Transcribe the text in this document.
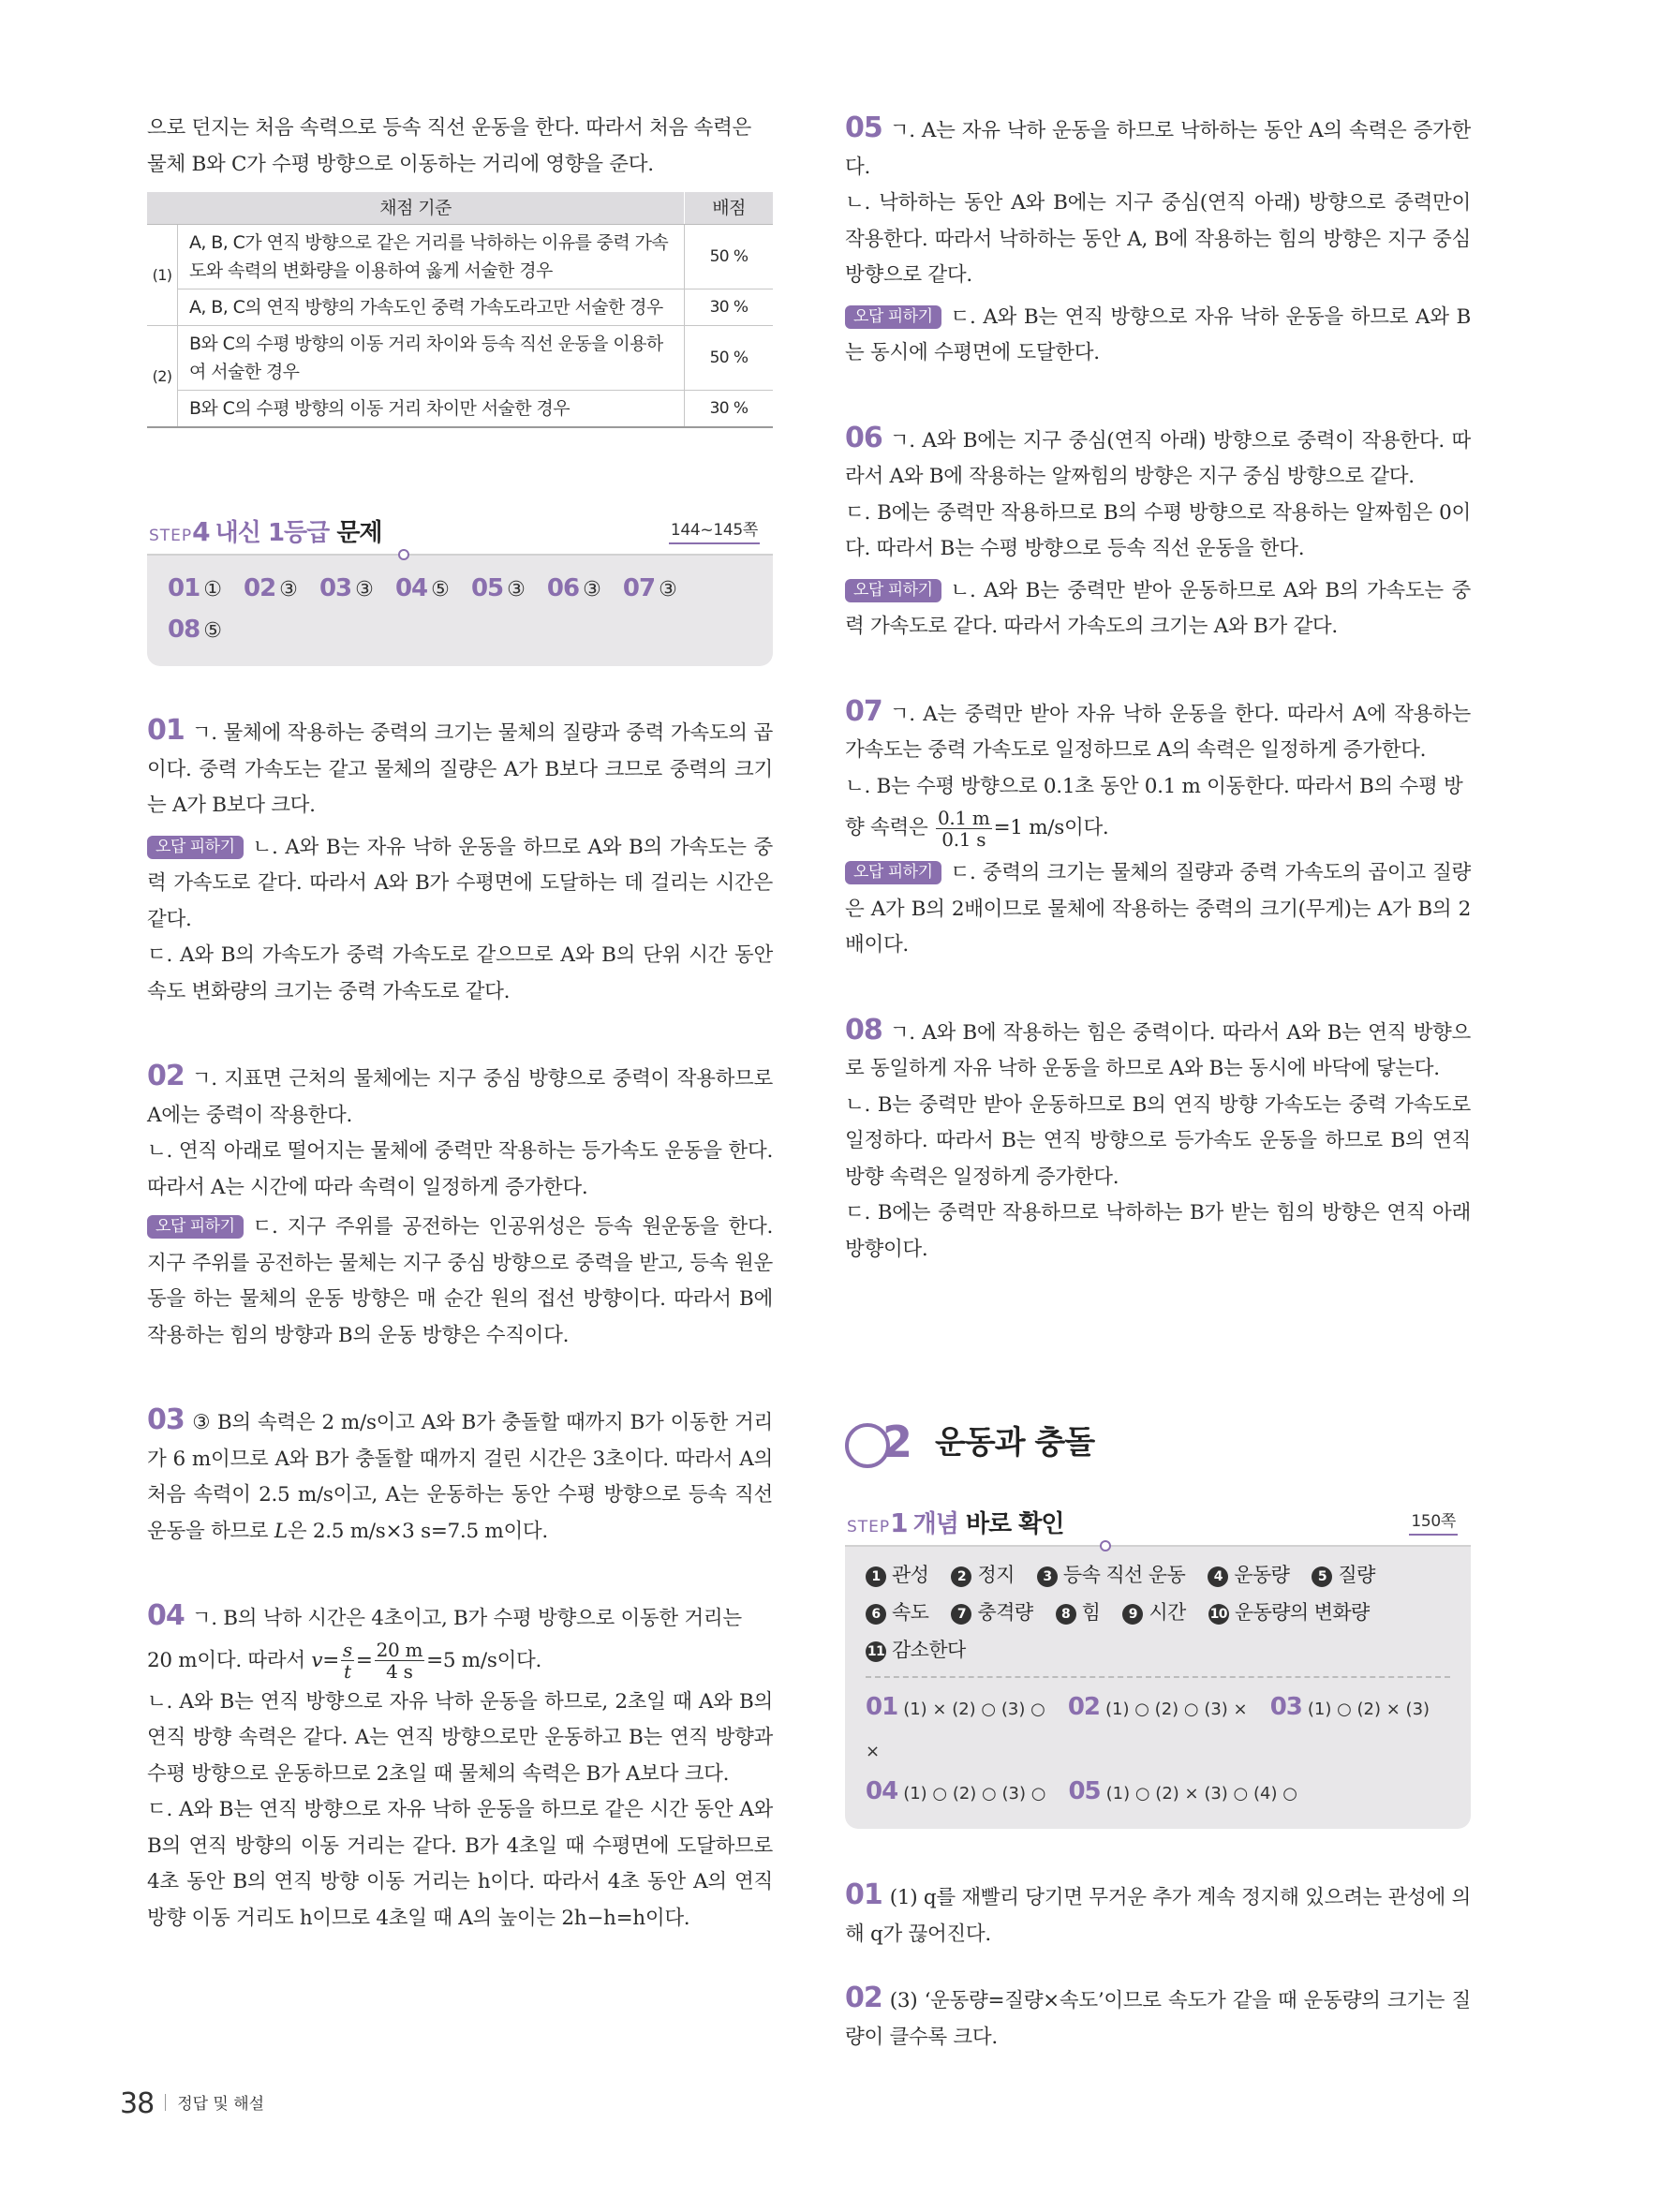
으로 던지는 처음 속력으로 등속 직선 운동을 한다. 따라서 처음 속력은

물체 B와 C가 수평 방향으로 이동하는 거리에 영향을 준다.

채점 기준		배점
(1)	A, B, C가 연직 방향으로 같은 거리를 낙하하는 이유를 중력 가속도와 속력의 변화량을 이용하여 옳게 서술한 경우	50 %
	A, B, C의 연직 방향의 가속도인 중력 가속도라고만 서술한 경우	30 %
(2)	B와 C의 수평 방향의 이동 거리 차이와 등속 직선 운동을 이용하여 서술한 경우	50 %
	B와 C의 수평 방향의 이동 거리 차이만 서술한 경우	30 %
STEP4 내신 1등급 문제	144~145쪽
01 ① 02 ③ 03 ③ 04 ⑤ 05 ③ 06 ③ 07 ③
08 ⑤

01 ㄱ. 물체에 작용하는 중력의 크기는 물체의 질량과 중력 가속도의 곱이다. 중력 가속도는 같고 물체의 질량은 A가 B보다 크므로 중력의 크기는 A가 B보다 크다.

오답 피하기 ㄴ. A와 B는 자유 낙하 운동을 하므로 A와 B의 가속도는 중력 가속도로 같다. 따라서 A와 B가 수평면에 도달하는 데 걸리는 시간은 같다.

ㄷ. A와 B의 가속도가 중력 가속도로 같으므로 A와 B의 단위 시간 동안 속도 변화량의 크기는 중력 가속도로 같다.

02 ㄱ. 지표면 근처의 물체에는 지구 중심 방향으로 중력이 작용하므로 A에는 중력이 작용한다.

ㄴ. 연직 아래로 떨어지는 물체에 중력만 작용하는 등가속도 운동을 한다. 따라서 A는 시간에 따라 속력이 일정하게 증가한다.

오답 피하기 ㄷ. 지구 주위를 공전하는 인공위성은 등속 원운동을 한다. 지구 주위를 공전하는 물체는 지구 중심 방향으로 중력을 받고, 등속 원운동을 하는 물체의 운동 방향은 매 순간 원의 접선 방향이다. 따라서 B에 작용하는 힘의 방향과 B의 운동 방향은 수직이다.

03 ③ B의 속력은 2 m/s이고 A와 B가 충돌할 때까지 B가 이동한 거리가 6 m이므로 A와 B가 충돌할 때까지 걸린 시간은 3초이다. 따라서 A의 처음 속력이 2.5 m/s이고, A는 운동하는 동안 수평 방향으로 등속 직선 운동을 하므로 L은 2.5 m/s×3 s=7.5 m이다.

04 ㄱ. B의 낙하 시간은 4초이고, B가 수평 방향으로 이동한 거리는

20 m이다. 따라서 $v= \frac{s}{t} = \frac{20 m}{4 s} =5$ m/s이다.

ㄴ. A와 B는 연직 방향으로 자유 낙하 운동을 하므로, 2초일 때 A와 B의 연직 방향 속력은 같다. A는 연직 방향으로만 운동하고 B는 연직 방향과 수평 방향으로 운동하므로 2초일 때 물체의 속력은 B가 A보다 크다.

ㄷ. A와 B는 연직 방향으로 자유 낙하 운동을 하므로 같은 시간 동안 A와 B의 연직 방향의 이동 거리는 같다. B가 4초일 때 수평면에 도달하므로 4초 동안 B의 연직 방향 이동 거리는 h이다. 따라서 4초 동안 A의 연직 방향 이동 거리도 h이므로 4초일 때 A의 높이는 2h−h=h이다.

05 ㄱ. A는 자유 낙하 운동을 하므로 낙하하는 동안 A의 속력은 증가한다.

ㄴ. 낙하하는 동안 A와 B에는 지구 중심(연직 아래) 방향으로 중력만이 작용한다. 따라서 낙하하는 동안 A, B에 작용하는 힘의 방향은 지구 중심 방향으로 같다.

오답 피하기 ㄷ. A와 B는 연직 방향으로 자유 낙하 운동을 하므로 A와 B는 동시에 수평면에 도달한다.

06 ㄱ. A와 B에는 지구 중심(연직 아래) 방향으로 중력이 작용한다. 따라서 A와 B에 작용하는 알짜힘의 방향은 지구 중심 방향으로 같다.

ㄷ. B에는 중력만 작용하므로 B의 수평 방향으로 작용하는 알짜힘은 0이다. 따라서 B는 수평 방향으로 등속 직선 운동을 한다.

오답 피하기 ㄴ. A와 B는 중력만 받아 운동하므로 A와 B의 가속도는 중력 가속도로 같다. 따라서 가속도의 크기는 A와 B가 같다.

07 ㄱ. A는 중력만 받아 자유 낙하 운동을 한다. 따라서 A에 작용하는 가속도는 중력 가속도로 일정하므로 A의 속력은 일정하게 증가한다.

ㄴ. B는 수평 방향으로 0.1초 동안 0.1 m 이동한다. 따라서 B의 수평 방

향 속력은 $\frac{0.1 m}{0.1 s} =1$ m/s이다.

오답 피하기 ㄷ. 중력의 크기는 물체의 질량과 중력 가속도의 곱이고 질량은 A가 B의 2배이므로 물체에 작용하는 중력의 크기(무게)는 A가 B의 2배이다.

08 ㄱ. A와 B에 작용하는 힘은 중력이다. 따라서 A와 B는 연직 방향으로 동일하게 자유 낙하 운동을 하므로 A와 B는 동시에 바닥에 닿는다.

ㄴ. B는 중력만 받아 운동하므로 B의 연직 방향 가속도는 중력 가속도로 일정하다. 따라서 B는 연직 방향으로 등가속도 운동을 하므로 B의 연직 방향 속력은 일정하게 증가한다.

ㄷ. B에는 중력만 작용하므로 낙하하는 B가 받는 힘의 방향은 연직 아래 방향이다.

2 운동과 충돌
STEP1 개념 바로 확인	150쪽
1 관성 2 정지 3 등속 직선 운동 4 운동량 5 질량
6 속도 7 충격량 8 힘 9 시간 10 운동량의 변화량
11 감소한다
01 (1) × (2) ○ (3) ○ 02 (1) ○ (2) ○ (3) × 03 (1) ○ (2) × (3) ×
04 (1) ○ (2) ○ (3) ○ 05 (1) ○ (2) × (3) ○ (4) ○

01 (1) q를 재빨리 당기면 무거운 추가 계속 정지해 있으려는 관성에 의해 q가 끊어진다.

02 (3) ‘운동량=질량×속도’이므로 속도가 같을 때 운동량의 크기는 질량이 클수록 크다.

38 정답 및 해설
